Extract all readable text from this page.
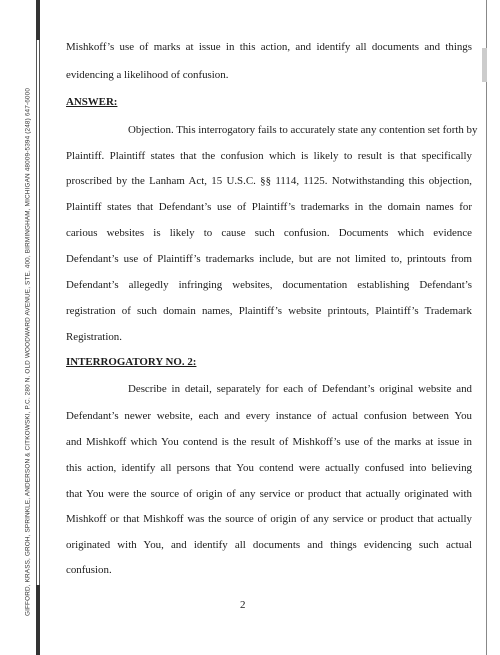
GIFFORD, KRASS, GROH, SPRINKLE, ANDERSON & CITKOWSKI, P.C. 280 N. OLD WOODWARD AVENUE, STE. 400, BIRMINGHAM, MICHIGAN 48009-5394 (248) 647-6000
Mishkoff’s use of marks at issue in this action, and identify all documents and things
evidencing a likelihood of confusion.
ANSWER:
Objection. This interrogatory fails to accurately state any contention set forth by
Plaintiff. Plaintiff states that the confusion which is likely to result is that specifically
proscribed by the Lanham Act, 15 U.S.C. §§ 1114, 1125. Notwithstanding this objection,
Plaintiff states that Defendant’s use of Plaintiff’s trademarks in the domain names for
carious websites is likely to cause such confusion. Documents which evidence
Defendant’s use of Plaintiff’s trademarks include, but are not limited to, printouts from
Defendant’s allegedly infringing websites, documentation establishing Defendant’s
registration of such domain names, Plaintiff’s website printouts, Plaintiff’s Trademark
Registration.
INTERROGATORY NO. 2:
Describe in detail, separately for each of Defendant’s original website and
Defendant’s newer website, each and every instance of actual confusion between You
and Mishkoff which You contend is the result of Mishkoff’s use of the marks at issue in
this action, identify all persons that You contend were actually confused into believing
that You were the source of origin of any service or product that actually originated with
Mishkoff or that Mishkoff was the source of origin of any service or product that actually
originated with You, and identify all documents and things evidencing such actual
confusion.
2
